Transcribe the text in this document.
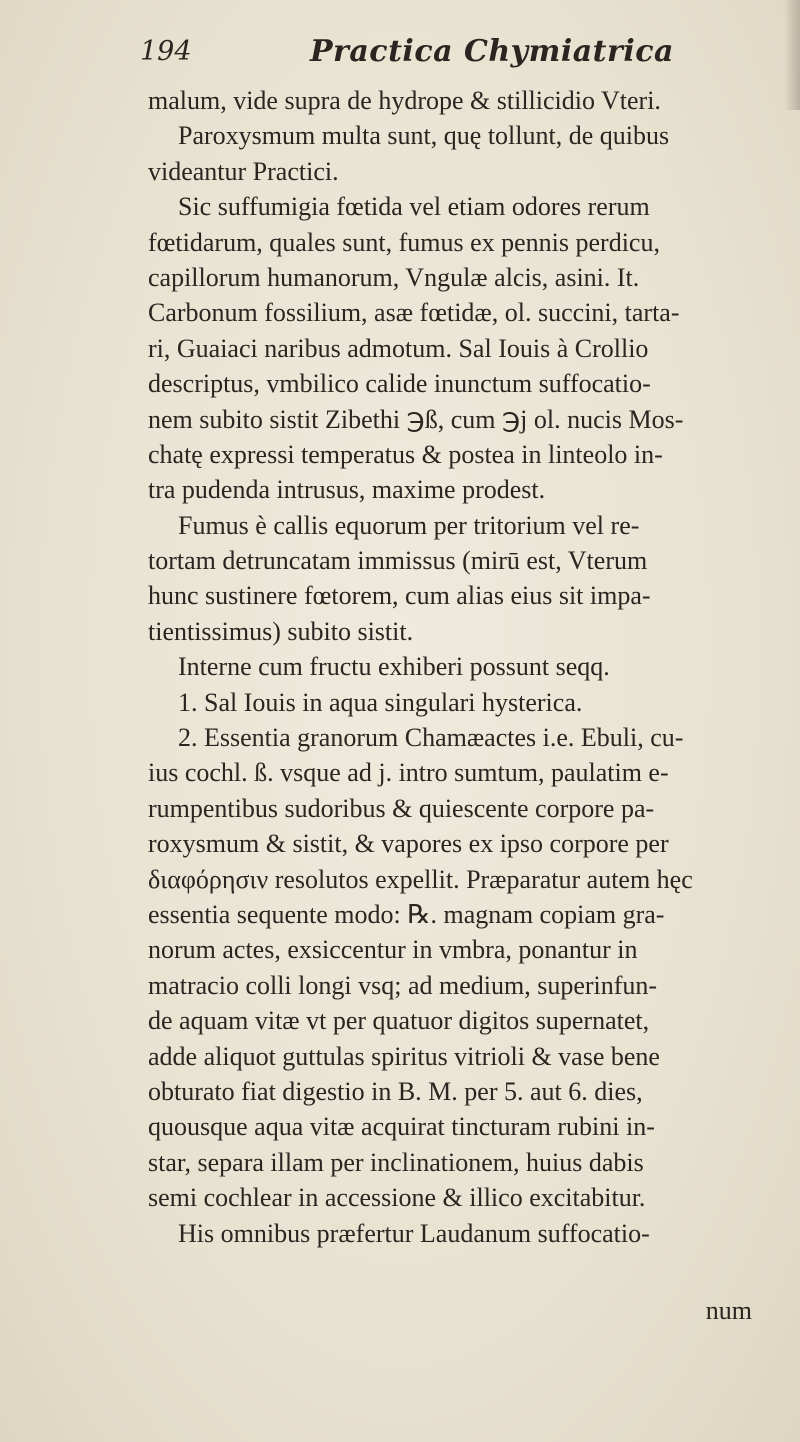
194	Practica Chymiatrica
malum, vide supra de hydrope & stillicidio Vteri.
Paroxysmum multa sunt, quę tollunt, de quibus
videantur Practici.
Sic suffumigia fœtida vel etiam odores rerum
fœtidarum, quales sunt, fumus ex pennis perdicu,
capillorum humanorum, Vngulæ alcis, asini. It.
Carbonum fossilium, asæ fœtidæ, ol. succini, tarta-
ri, Guaiaci naribus admotum. Sal Iouis à Crollio
descriptus, vmbilico calide inunctum suffocatio-
nem subito sistit Zibethi ℈ß, cum ℈j ol. nucis Mos-
chatę expressi temperatus & postea in linteolo in-
tra pudenda intrusus, maxime prodest.
Fumus è callis equorum per tritorium vel re-
tortam detruncatam immissus (mirū est, Vterum
hunc sustinere fœtorem, cum alias eius sit impa-
tientissimus) subito sistit.
Interne cum fructu exhiberi possunt seqq.
1. Sal Iouis in aqua singulari hysterica.
2. Essentia granorum Chamæactes i.e. Ebuli, cu-
ius cochl. ß. vsque ad j. intro sumtum, paulatim e-
rumpentibus sudoribus & quiescente corpore pa-
roxysmum & sistit, & vapores ex ipso corpore per
διαφόρησιν resolutos expellit. Præparatur autem hęc
essentia sequente modo: ℞. magnam copiam gra-
norum actes, exsiccentur in vmbra, ponantur in
matracio colli longi vsq; ad medium, superinfun-
de aquam vitæ vt per quatuor digitos supernatet,
adde aliquot guttulas spiritus vitrioli & vase bene
obturato fiat digestio in B. M. per 5. aut 6. dies,
quousque aqua vitæ acquirat tincturam rubini in-
star, separa illam per inclinationem, huius dabis
semi cochlear in accessione & illico excitabitur.
His omnibus præfertur Laudanum suffocatio-
num
